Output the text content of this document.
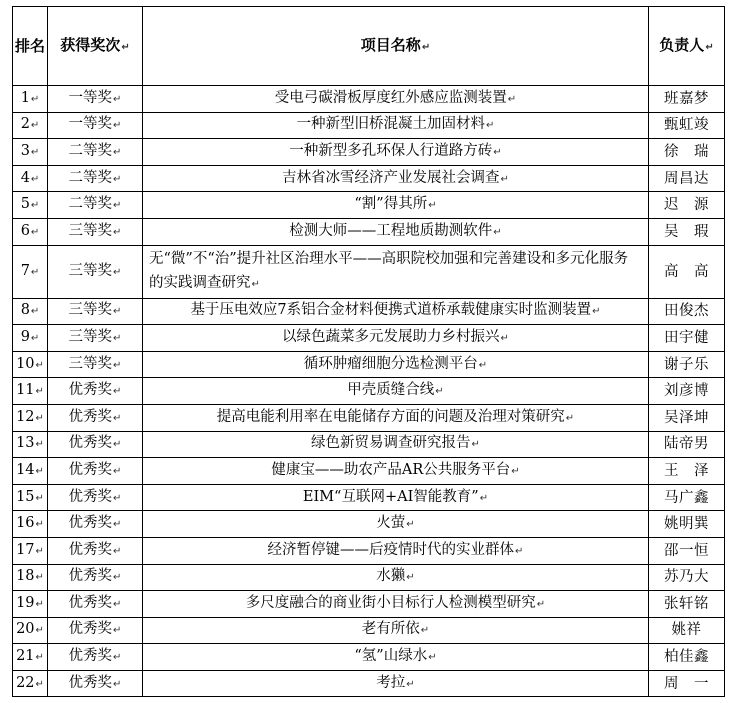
排名	获得奖次↵	项目名称↵	负责人↵
1↵	一等奖↵	受电弓碳滑板厚度红外感应监测装置↵	班嘉梦
2↵	一等奖↵	一种新型旧桥混凝土加固材料↵	甄虹竣
3↵	二等奖↵	一种新型多孔环保人行道路方砖↵	徐　瑞
4↵	二等奖↵	吉林省冰雪经济产业发展社会调查↵	周昌达
5↵	二等奖↵	“割”得其所↵	迟　源
6↵	三等奖↵	检测大师——工程地质勘测软件↵	吴　瑕
7↵	三等奖↵	无“微”不“治”提升社区治理水平——高职院校加强和完善建设和多元化服务的实践调查研究↵	高　高
8↵	三等奖↵	基于压电效应7系铝合金材料便携式道桥承载健康实时监测装置↵	田俊杰
9↵	三等奖↵	以绿色蔬菜多元发展助力乡村振兴↵	田宇健
10↵	三等奖↵	循环肿瘤细胞分选检测平台↵	谢子乐
11↵	优秀奖↵	甲壳质缝合线↵	刘彦博
12↵	优秀奖↵	提高电能利用率在电能储存方面的问题及治理对策研究↵	吴泽坤
13↵	优秀奖↵	绿色新贸易调查研究报告↵	陆帝男
14↵	优秀奖↵	健康宝——助农产品AR公共服务平台↵	王　泽
15↵	优秀奖↵	EIM“互联网+AI智能教育”↵	马广鑫
16↵	优秀奖↵	火萤↵	姚明巽
17↵	优秀奖↵	经济暂停键——后疫情时代的实业群体↵	邵一恒
18↵	优秀奖↵	水獭↵	苏乃大
19↵	优秀奖↵	多尺度融合的商业街小目标行人检测模型研究↵	张轩铭
20↵	优秀奖↵	老有所依↵	姚祥
21↵	优秀奖↵	“氢”山绿水↵	柏佳鑫
22↵	优秀奖↵	考拉↵	周　一
